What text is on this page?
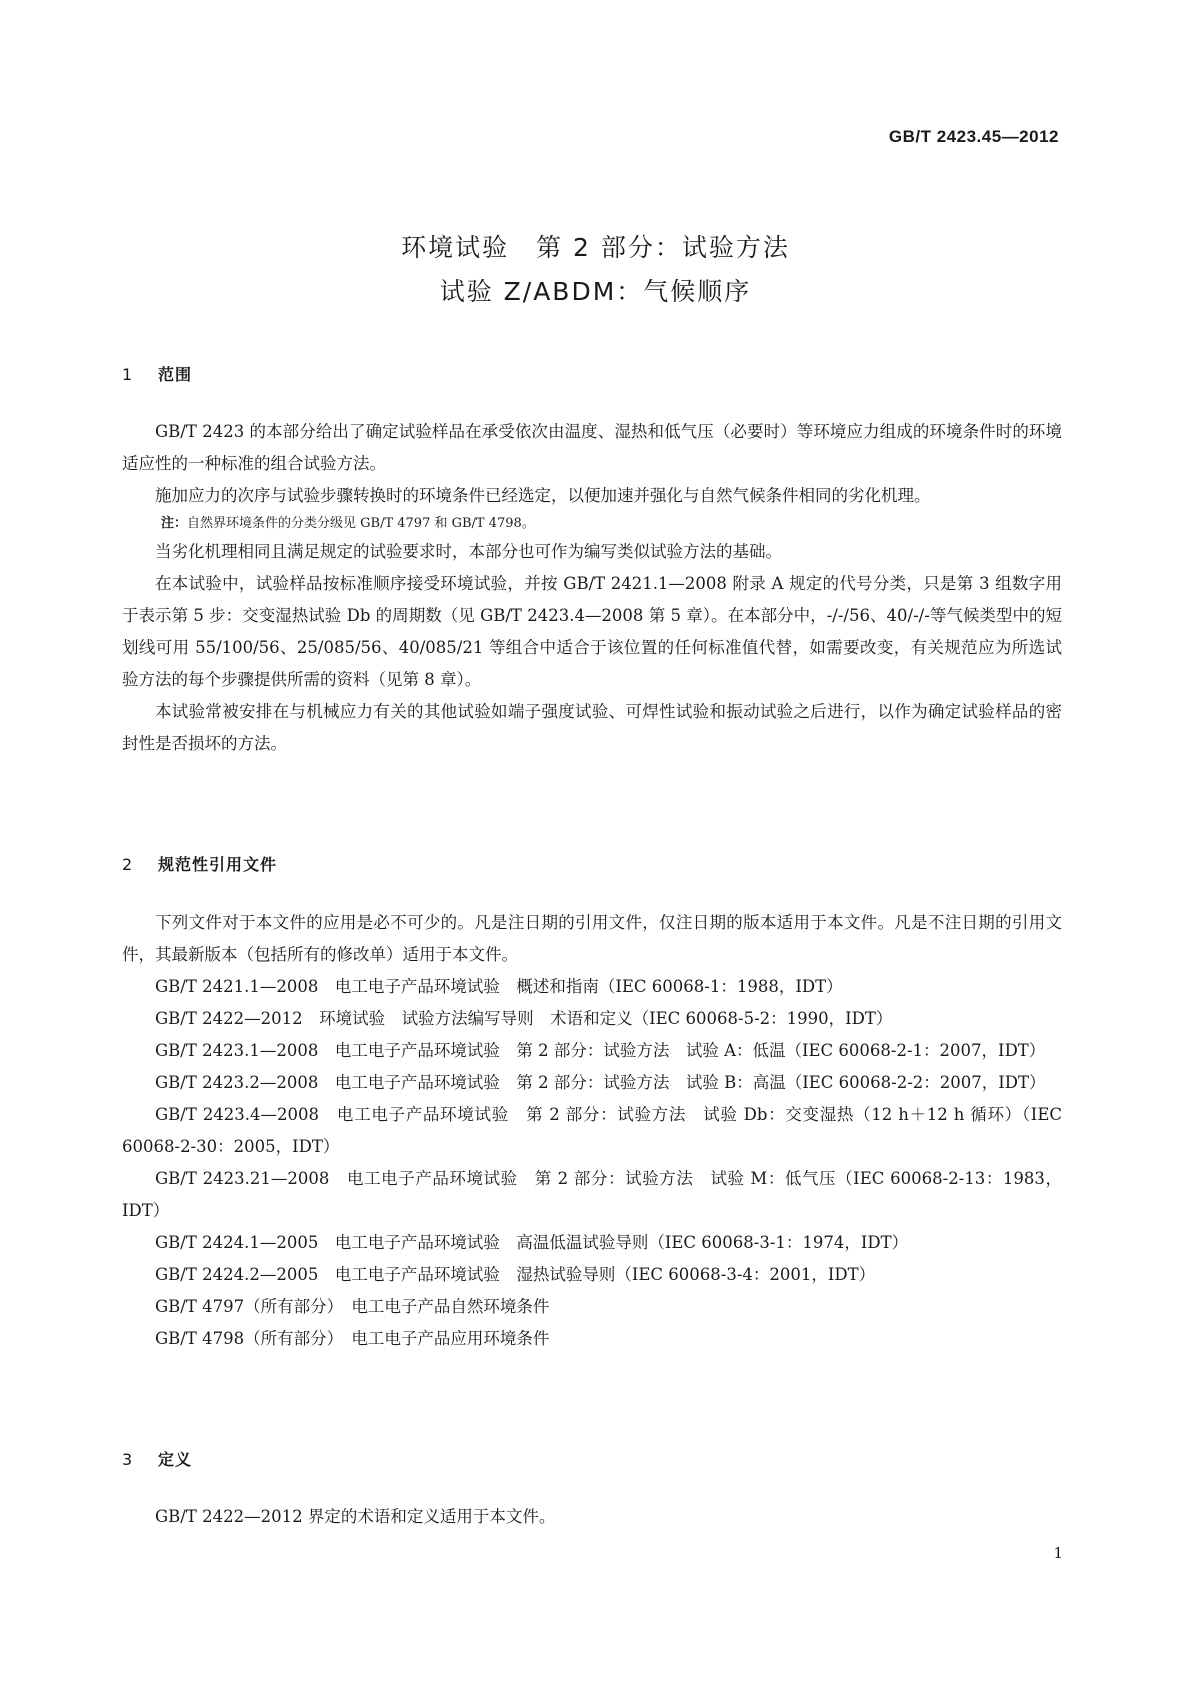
GB/T 2423.45—2012
环境试验　第 2 部分：试验方法
试验 Z/ABDM：气候顺序
1 范围

GB/T 2423 的本部分给出了确定试验样品在承受依次由温度、湿热和低气压（必要时）等环境应力组成的环境条件时的环境适应性的一种标准的组合试验方法。

施加应力的次序与试验步骤转换时的环境条件已经选定，以便加速并强化与自然气候条件相同的劣化机理。

注：自然界环境条件的分类分级见 GB/T 4797 和 GB/T 4798。

当劣化机理相同且满足规定的试验要求时，本部分也可作为编写类似试验方法的基础。

在本试验中，试验样品按标准顺序接受环境试验，并按 GB/T 2421.1—2008 附录 A 规定的代号分类，只是第 3 组数字用于表示第 5 步：交变湿热试验 Db 的周期数（见 GB/T 2423.4—2008 第 5 章）。在本部分中，-/-/56、40/-/-等气候类型中的短划线可用 55/100/56、25/085/56、40/085/21 等组合中适合于该位置的任何标准值代替，如需要改变，有关规范应为所选试验方法的每个步骤提供所需的资料（见第 8 章）。

本试验常被安排在与机械应力有关的其他试验如端子强度试验、可焊性试验和振动试验之后进行，以作为确定试验样品的密封性是否损坏的方法。

2 规范性引用文件

下列文件对于本文件的应用是必不可少的。凡是注日期的引用文件，仅注日期的版本适用于本文件。凡是不注日期的引用文件，其最新版本（包括所有的修改单）适用于本文件。

GB/T 2421.1—2008　电工电子产品环境试验　概述和指南（IEC 60068-1：1988，IDT）

GB/T 2422—2012　环境试验　试验方法编写导则　术语和定义（IEC 60068-5-2：1990，IDT）

GB/T 2423.1—2008　电工电子产品环境试验　第 2 部分：试验方法　试验 A：低温（IEC 60068-2-1：2007，IDT）

GB/T 2423.2—2008　电工电子产品环境试验　第 2 部分：试验方法　试验 B：高温（IEC 60068-2-2：2007，IDT）

GB/T 2423.4—2008　电工电子产品环境试验　第 2 部分：试验方法　试验 Db：交变湿热（12 h＋12 h 循环）（IEC 60068-2-30：2005，IDT）

GB/T 2423.21—2008　电工电子产品环境试验　第 2 部分：试验方法　试验 M：低气压（IEC 60068-2-13：1983，IDT）

GB/T 2424.1—2005　电工电子产品环境试验　高温低温试验导则（IEC 60068-3-1：1974，IDT）

GB/T 2424.2—2005　电工电子产品环境试验　湿热试验导则（IEC 60068-3-4：2001，IDT）

GB/T 4797（所有部分）　电工电子产品自然环境条件

GB/T 4798（所有部分）　电工电子产品应用环境条件

3 定义

GB/T 2422—2012 界定的术语和定义适用于本文件。

1
